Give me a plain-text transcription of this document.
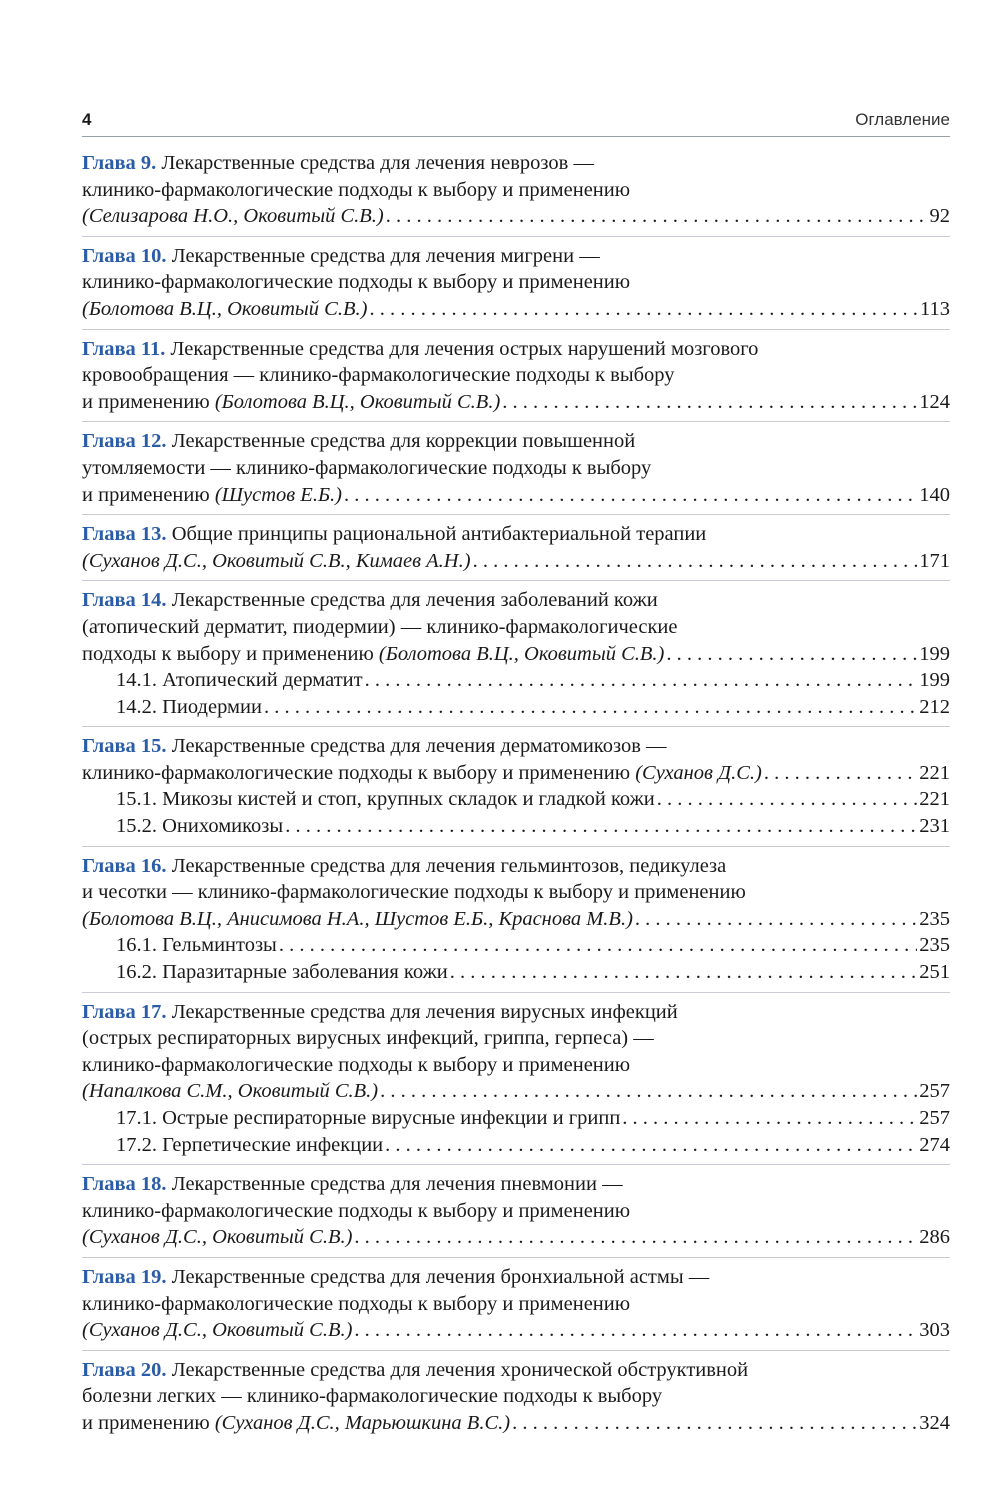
4	Оглавление
Глава 9. Лекарственные средства для лечения неврозов —
клинико-фармакологические подходы к выбору и применению
(Селизарова Н.О., Оковитый С.В.) . . .	92
Глава 10. Лекарственные средства для лечения мигрени —
клинико-фармакологические подходы к выбору и применению
(Болотова В.Ц., Оковитый С.В.) . . .	113
Глава 11. Лекарственные средства для лечения острых нарушений мозгового
кровообращения — клинико-фармакологические подходы к выбору
и применению (Болотова В.Ц., Оковитый С.В.) . . .	124
Глава 12. Лекарственные средства для коррекции повышенной
утомляемости — клинико-фармакологические подходы к выбору
и применению (Шустов Е.Б.) . . .	140
Глава 13. Общие принципы рациональной антибактериальной терапии
(Суханов Д.С., Оковитый С.В., Кимаев А.Н.) . . .	171
Глава 14. Лекарственные средства для лечения заболеваний кожи
(атопический дерматит, пиодермии) — клинико-фармакологические
подходы к выбору и применению (Болотова В.Ц., Оковитый С.В.) . . .	199
14.1. Атопический дерматит . . .	199
14.2. Пиодермии . . .	212
Глава 15. Лекарственные средства для лечения дерматомикозов —
клинико-фармакологические подходы к выбору и применению (Суханов Д.С.) . . .	221
15.1. Микозы кистей и стоп, крупных складок и гладкой кожи . . .	221
15.2. Онихомикозы . . .	231
Глава 16. Лекарственные средства для лечения гельминтозов, педикулеза
и чесотки — клинико-фармакологические подходы к выбору и применению
(Болотова В.Ц., Анисимова Н.А., Шустов Е.Б., Краснова М.В.) . . .	235
16.1. Гельминтозы . . .	235
16.2. Паразитарные заболевания кожи . . .	251
Глава 17. Лекарственные средства для лечения вирусных инфекций
(острых респираторных вирусных инфекций, гриппа, герпеса) —
клинико-фармакологические подходы к выбору и применению
(Напалкова С.М., Оковитый С.В.) . . .	257
17.1. Острые респираторные вирусные инфекции и грипп . . .	257
17.2. Герпетические инфекции . . .	274
Глава 18. Лекарственные средства для лечения пневмонии —
клинико-фармакологические подходы к выбору и применению
(Суханов Д.С., Оковитый С.В.) . . .	286
Глава 19. Лекарственные средства для лечения бронхиальной астмы —
клинико-фармакологические подходы к выбору и применению
(Суханов Д.С., Оковитый С.В.) . . .	303
Глава 20. Лекарственные средства для лечения хронической обструктивной
болезни легких — клинико-фармакологические подходы к выбору
и применению (Суханов Д.С., Марьюшкина В.С.) . . .	324
